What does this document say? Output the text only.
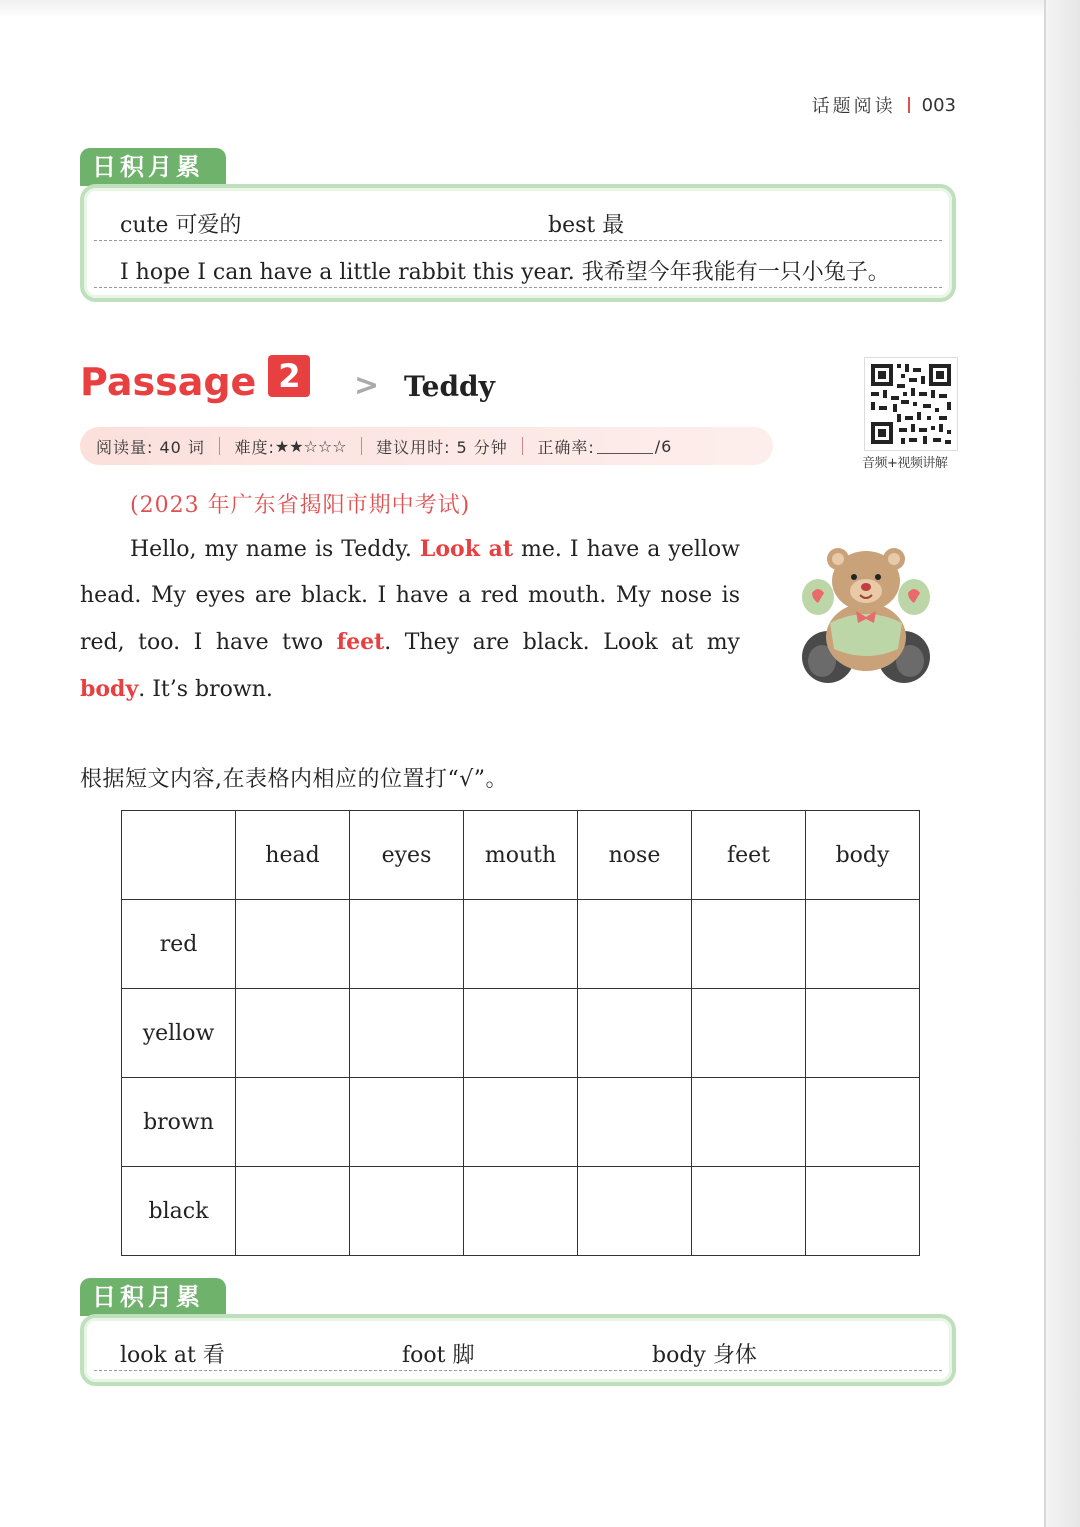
话题阅读 003
日积月累
cute 可爱的	best 最
I hope I can have a little rabbit this year. 我希望今年我能有一只小兔子。
Passage 2	> Teddy
阅读量: 40 词 难度: ★★☆☆☆ 建议用时: 5 分钟 正确率:	/6
音频+视频讲解
(2023 年广东省揭阳市期中考试)

Hello, my name is Teddy. Look at me. I have a yellow head. My eyes are black. I have a red mouth. My nose is red, too. I have two feet. They are black. Look at my body. It’s brown.

根据短文内容,在表格内相应的位置打“√”。
	head	eyes	mouth	nose	feet	body
red						
yellow						
brown						
black						
日积月累
look at 看	foot 脚	body 身体
